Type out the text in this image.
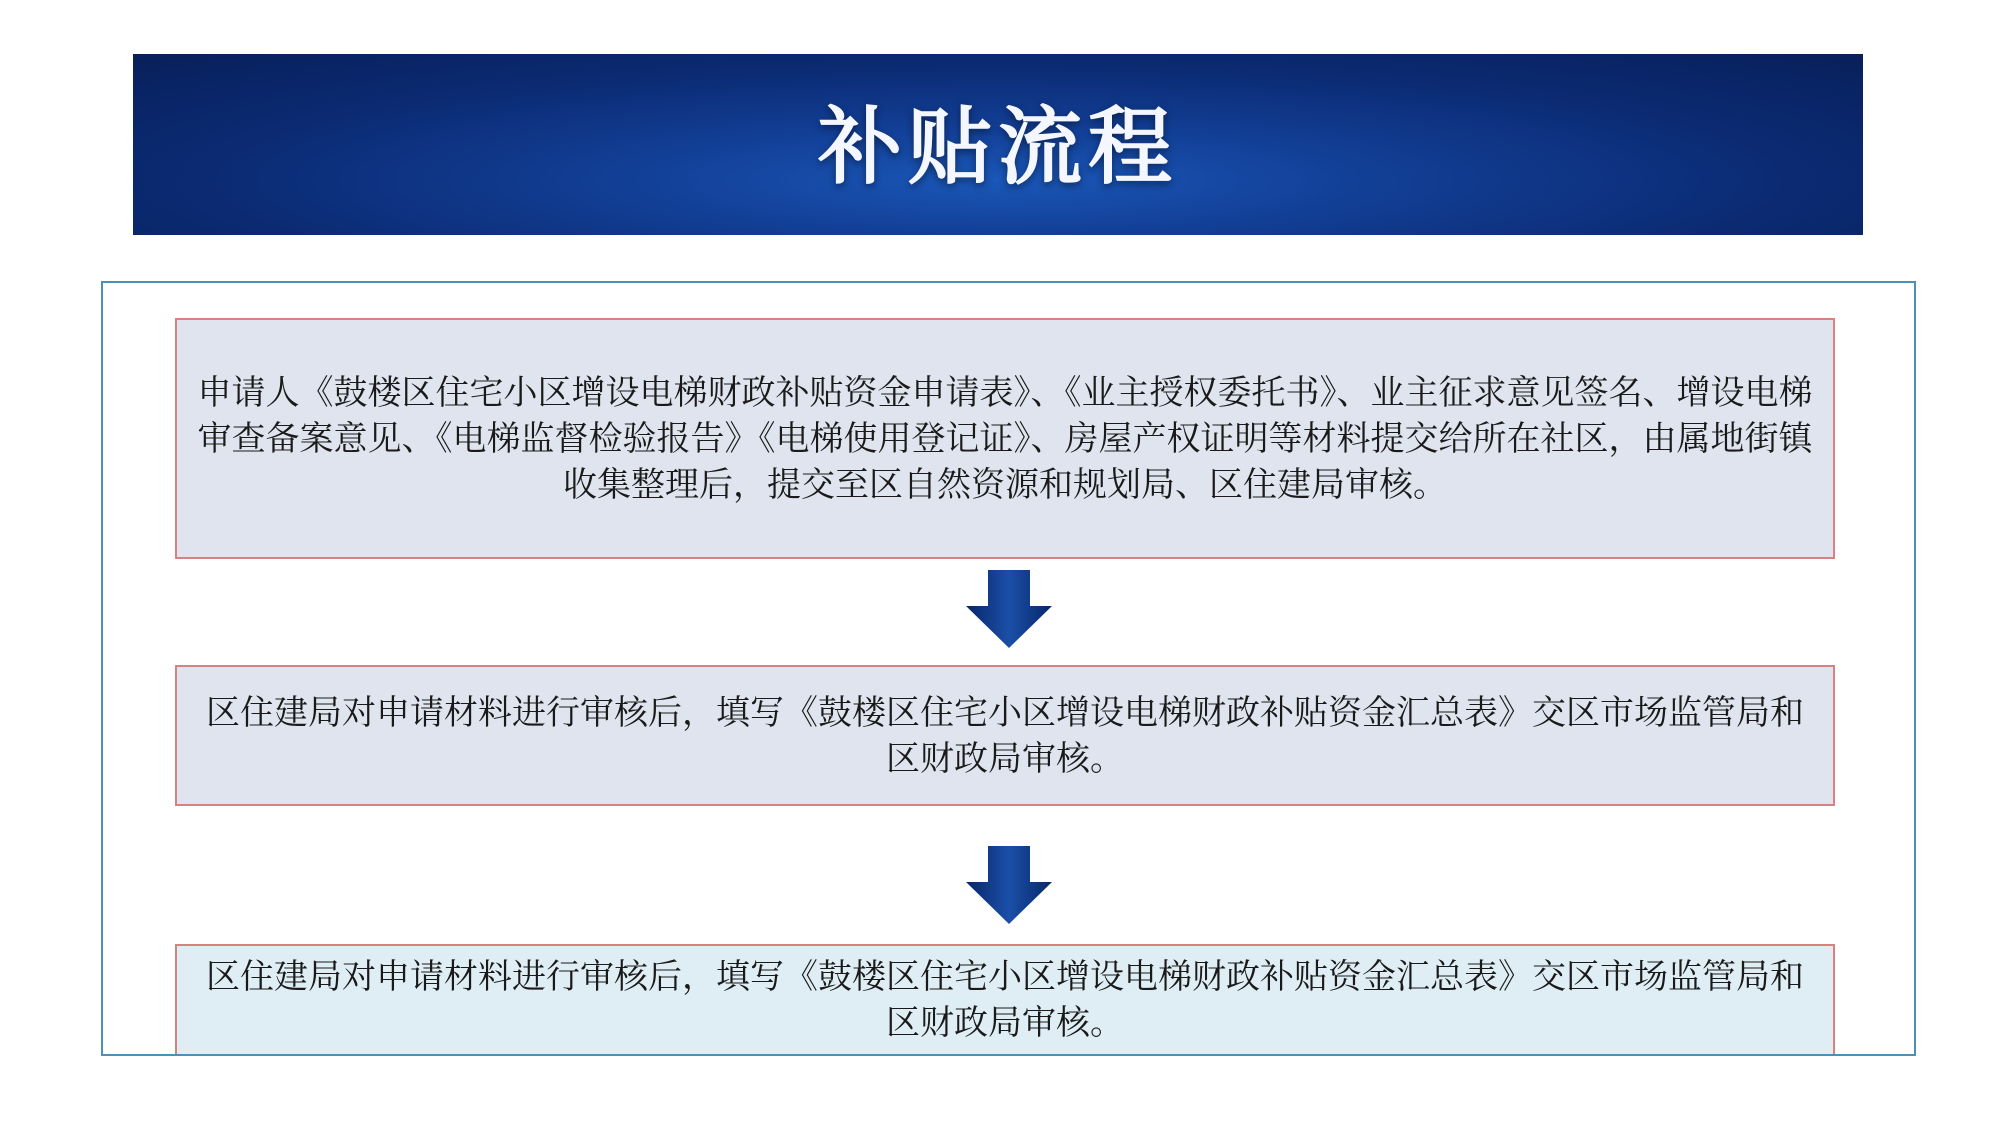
补贴流程
申请人《鼓楼区住宅小区增设电梯财政补贴资金申请表》、《业主授权委托书》、业主征求意见签名、增设电梯审查备案意见、《电梯监督检验报告》《电梯使用登记证》、房屋产权证明等材料提交给所在社区，由属地街镇收集整理后，提交至区自然资源和规划局、区住建局审核。
区住建局对申请材料进行审核后，填写《鼓楼区住宅小区增设电梯财政补贴资金汇总表》交区市场监管局和区财政局审核。
区住建局对申请材料进行审核后，填写《鼓楼区住宅小区增设电梯财政补贴资金汇总表》交区市场监管局和区财政局审核。
